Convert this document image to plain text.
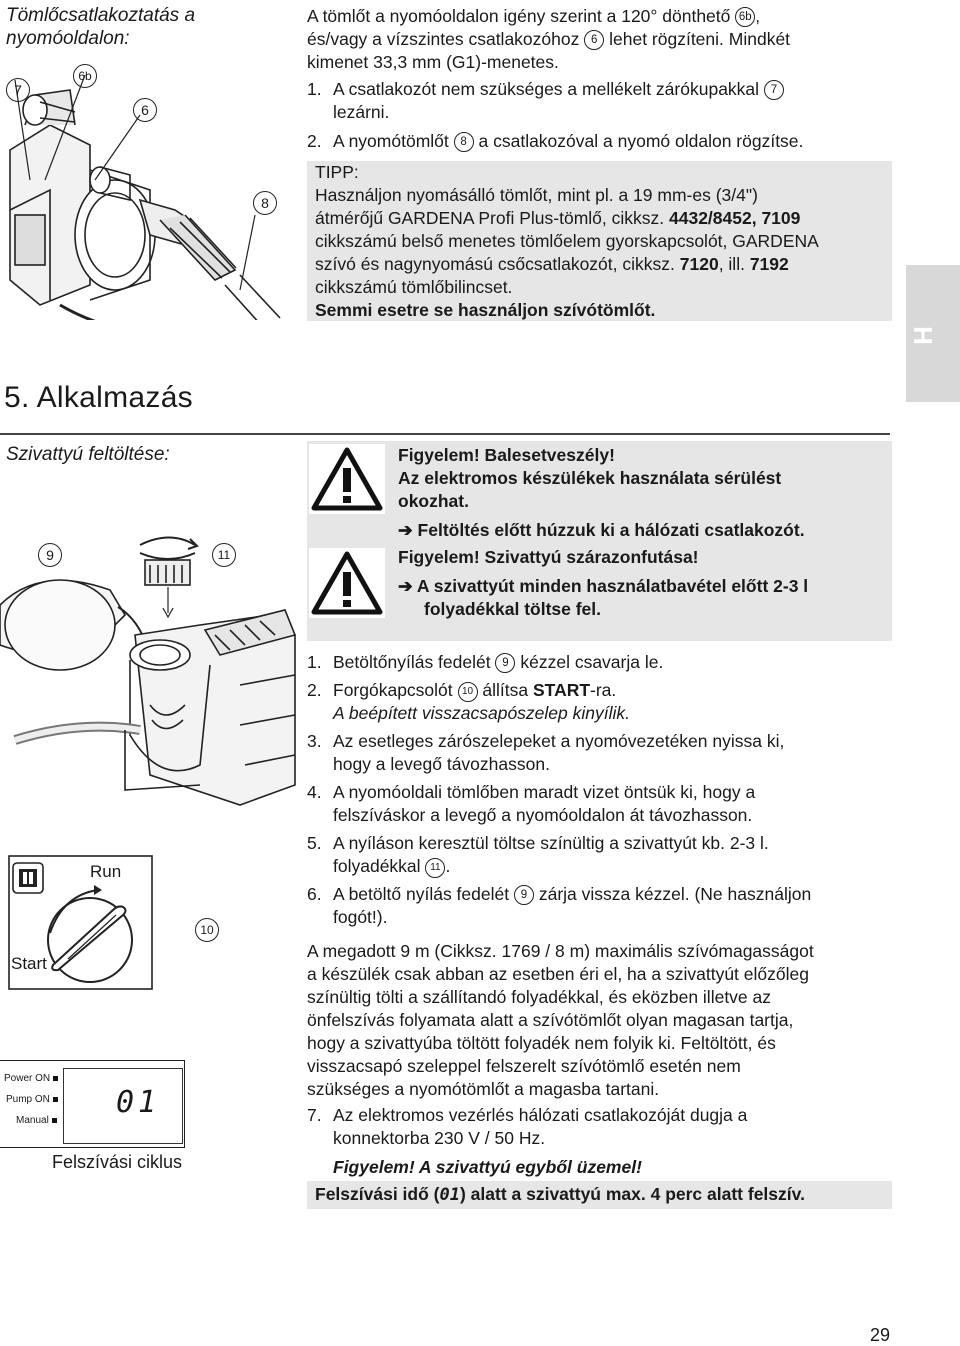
Tömlőcsatlakoztatás a nyomóoldalon:
7
6b
6
8
A tömlőt a nyomóoldalon igény szerint a 120° dönthető 6b ,
és/vagy a vízszintes csatlakozóhoz 6 lehet rögzíteni. Mindkét
kimenet 33,3 mm (G1)-menetes.
1. A csatlakozót nem szükséges a mellékelt zárókupakkal 7
lezárni.
2. A nyomótömlőt 8 a csatlakozóval a nyomó oldalon rögzítse.
TIPP:
Használjon nyomásálló tömlőt, mint pl. a 19 mm-es (3/4")
átmérőjű GARDENA Profi Plus-tömlő, cikksz. 4432/8452, 7109
cikkszámú belső menetes tömlőelem gyorskapcsolót, GARDENA
szívó és nagynyomású csőcsatlakozót, cikksz. 7120, ill. 7192
cikkszámú tömlőbilincset.
Semmi esetre se használjon szívótömlőt.
H
5. Alkalmazás
Szivattyú feltöltése:	Figyelem! Balesetveszély!
Az elektromos készülékek használata sérülést
okozhat.
➔ Feltöltés előtt húzzuk ki a hálózati csatlakozót.
Figyelem! Szivattyú szárazonfutása!
➔ A szivattyút minden használatbavétel előtt 2-3 l
folyadékkal töltse fel.
9	11
Run
Start
10
Power ON
Pump ON
Manual
01
Felszívási ciklus
1. Betöltőnyílás fedelét 9 kézzel csavarja le.
2. Forgókapcsolót 10 állítsa START-ra.
A beépített visszacsapószelep kinyílik.
3. Az esetleges zárószelepeket a nyomóvezetéken nyissa ki,
hogy a levegő távozhasson.
4. A nyomóoldali tömlőben maradt vizet öntsük ki, hogy a
felszíváskor a levegő a nyomóoldalon át távozhasson.
5. A nyíláson keresztül töltse színültig a szivattyút kb. 2-3 l.
folyadékkal 11 .
6. A betöltő nyílás fedelét 9 zárja vissza kézzel. (Ne használjon
fogót!).
A megadott 9 m (Cikksz. 1769 / 8 m) maximális szívómagasságot
a készülék csak abban az esetben éri el, ha a szivattyút előzőleg
színültig tölti a szállítandó folyadékkal, és eközben illetve az
önfelszívás folyamata alatt a szívótömlőt olyan magasan tartja,
hogy a szivattyúba töltött folyadék nem folyik ki. Feltöltött, és
visszacsapó szeleppel felszerelt szívótömlő esetén nem
szükséges a nyomótömlőt a magasba tartani.
7. Az elektromos vezérlés hálózati csatlakozóját dugja a
konnektorba 230 V / 50 Hz.
Figyelem! A szivattyú egyből üzemel!
Felszívási idő (01) alatt a szivattyú max. 4 perc alatt felszív.
29
